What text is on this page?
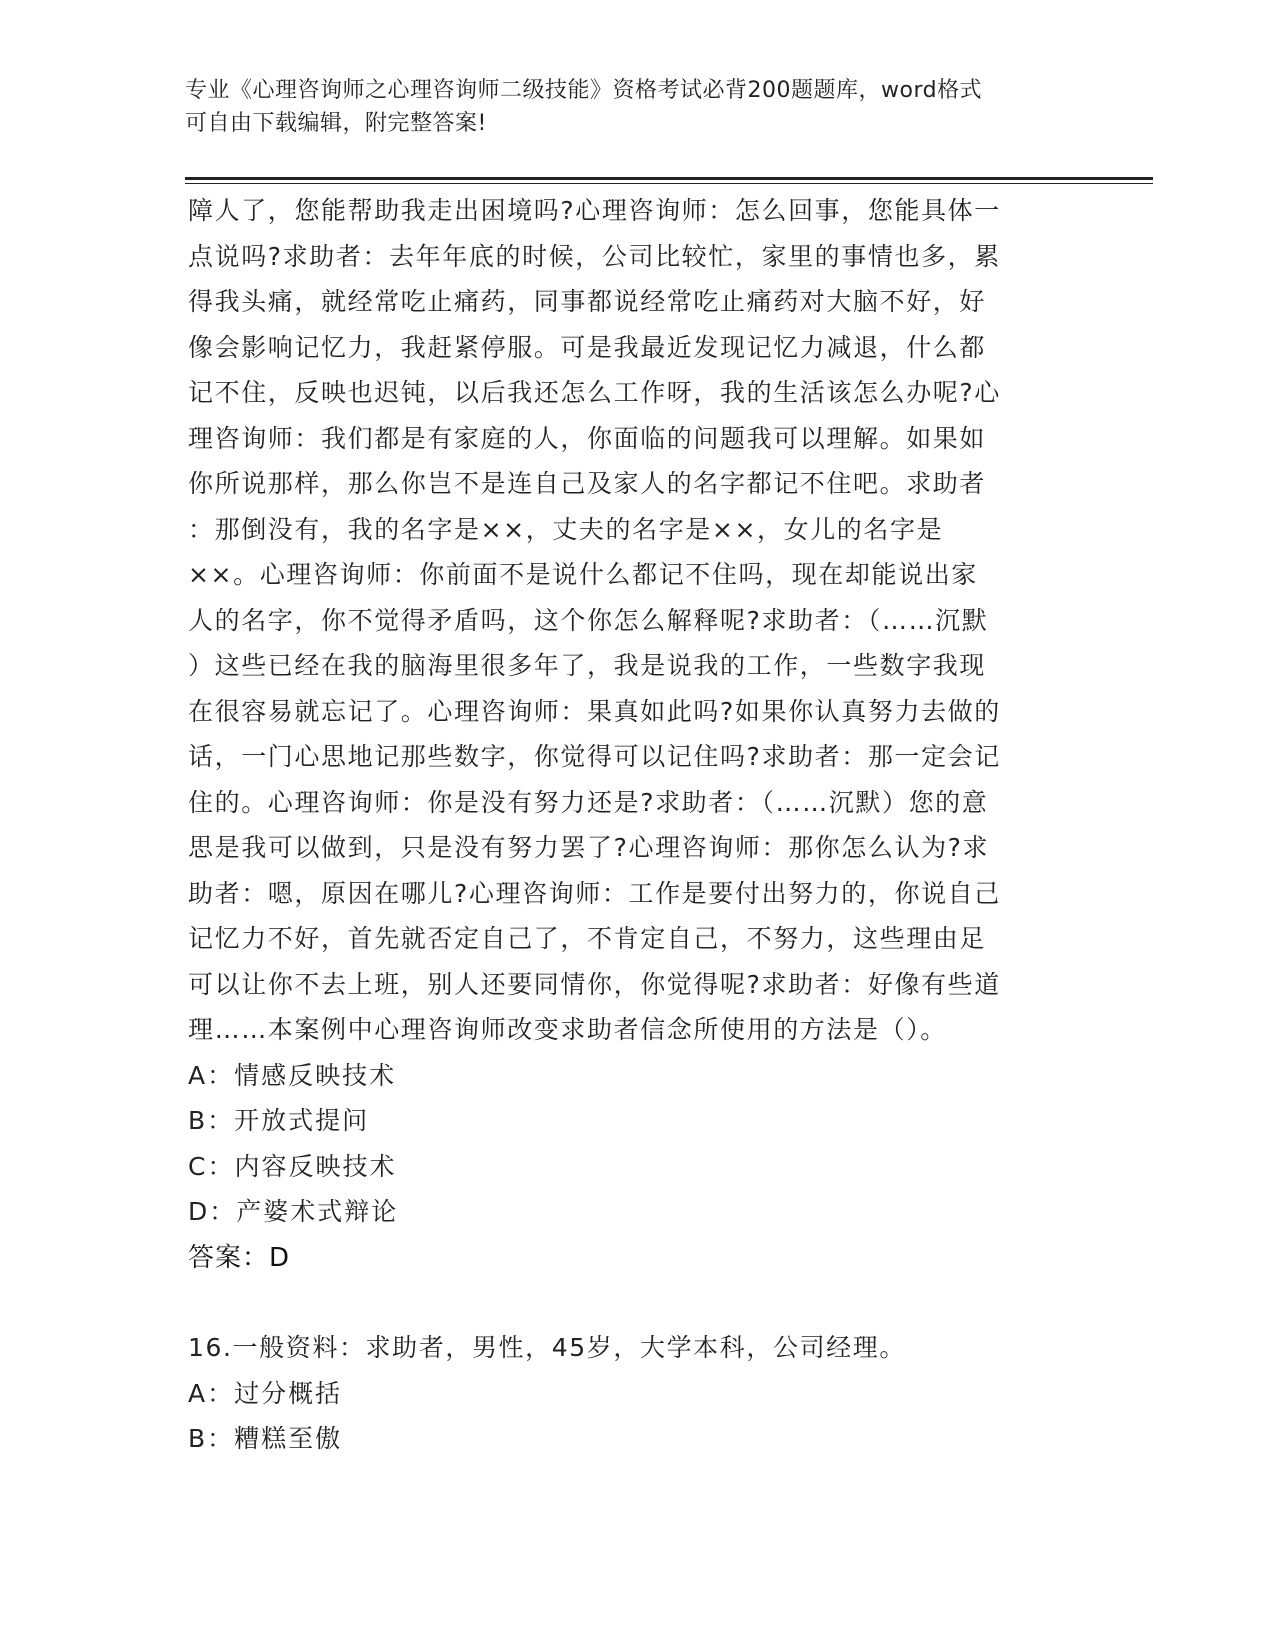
专业《心理咨询师之心理咨询师二级技能》资格考试必背200题题库，word格式
可自由下载编辑，附完整答案!
障人了，您能帮助我走出困境吗?心理咨询师：怎么回事，您能具体一
点说吗?求助者：去年年底的时候，公司比较忙，家里的事情也多，累
得我头痛，就经常吃止痛药，同事都说经常吃止痛药对大脑不好，好
像会影响记忆力，我赶紧停服。可是我最近发现记忆力减退，什么都
记不住，反映也迟钝，以后我还怎么工作呀，我的生活该怎么办呢?心
理咨询师：我们都是有家庭的人，你面临的问题我可以理解。如果如
你所说那样，那么你岂不是连自己及家人的名字都记不住吧。求助者
：那倒没有，我的名字是××，丈夫的名字是××，女儿的名字是
××。心理咨询师：你前面不是说什么都记不住吗，现在却能说出家
人的名字，你不觉得矛盾吗，这个你怎么解释呢?求助者：（……沉默
）这些已经在我的脑海里很多年了，我是说我的工作，一些数字我现
在很容易就忘记了。心理咨询师：果真如此吗?如果你认真努力去做的
话，一门心思地记那些数字，你觉得可以记住吗?求助者：那一定会记
住的。心理咨询师：你是没有努力还是?求助者：（……沉默）您的意
思是我可以做到，只是没有努力罢了?心理咨询师：那你怎么认为?求
助者：嗯，原因在哪儿?心理咨询师：工作是要付出努力的，你说自己
记忆力不好，首先就否定自己了，不肯定自己，不努力，这些理由足
可以让你不去上班，别人还要同情你，你觉得呢?求助者：好像有些道
理……本案例中心理咨询师改变求助者信念所使用的方法是（）。
A：情感反映技术
B：开放式提问
C：内容反映技术
D：产婆术式辩论
答案：D
16.一般资料：求助者，男性，45岁，大学本科，公司经理。
A：过分概括
B：糟糕至傲
